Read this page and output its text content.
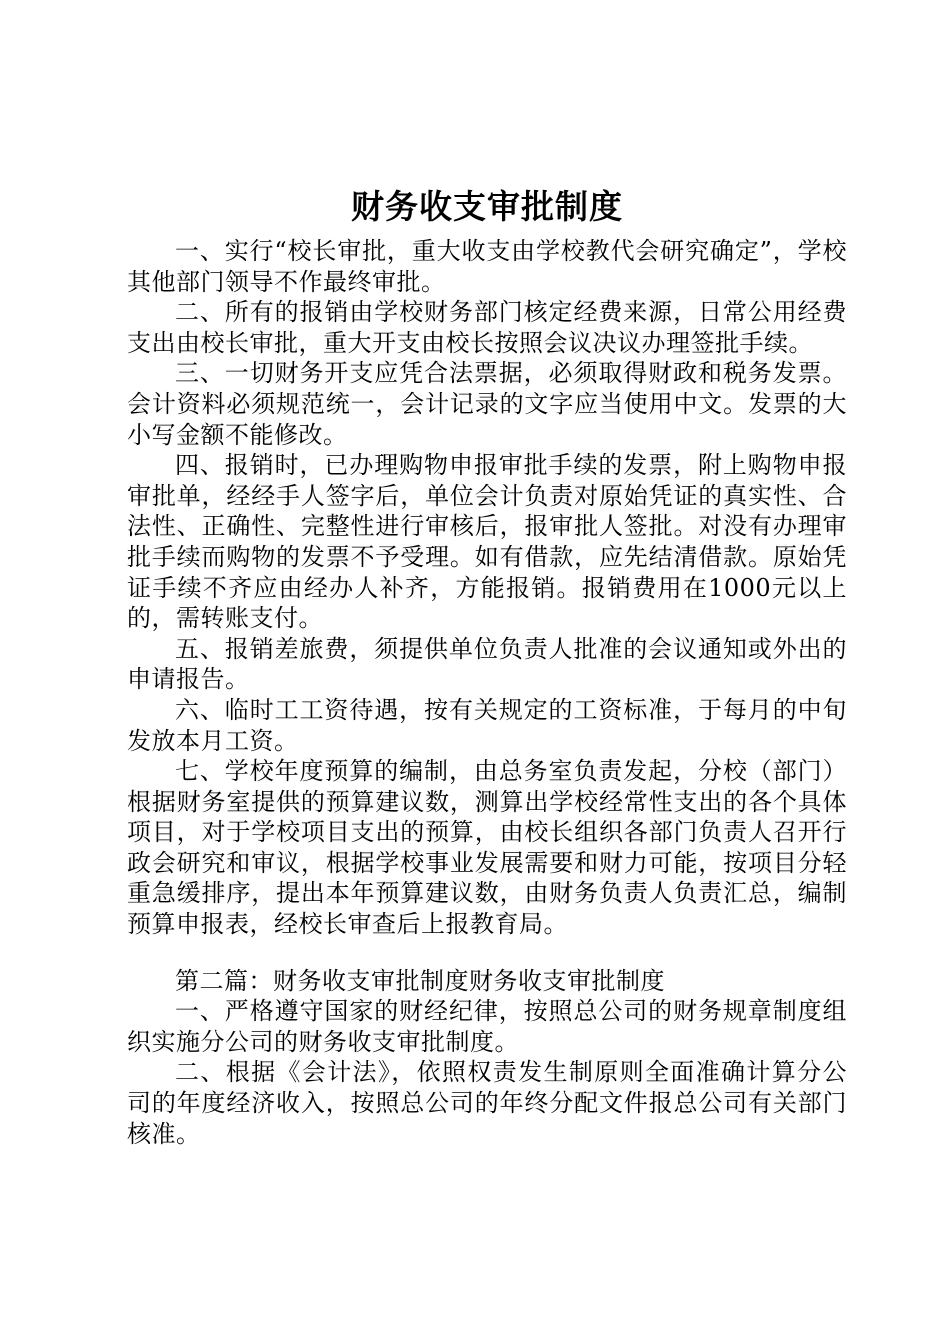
财务收支审批制度

一、实行“校长审批，重大收支由学校教代会研究确定”，学校其他部门领导不作最终审批。

二、所有的报销由学校财务部门核定经费来源，日常公用经费支出由校长审批，重大开支由校长按照会议决议办理签批手续。

三、一切财务开支应凭合法票据，必须取得财政和税务发票。会计资料必须规范统一，会计记录的文字应当使用中文。发票的大小写金额不能修改。

四、报销时，已办理购物申报审批手续的发票，附上购物申报审批单，经经手人签字后，单位会计负责对原始凭证的真实性、合法性、正确性、完整性进行审核后，报审批人签批。对没有办理审批手续而购物的发票不予受理。如有借款，应先结清借款。原始凭证手续不齐应由经办人补齐，方能报销。报销费用在1000元以上的，需转账支付。

五、报销差旅费，须提供单位负责人批准的会议通知或外出的申请报告。

六、临时工工资待遇，按有关规定的工资标准，于每月的中旬发放本月工资。

七、学校年度预算的编制，由总务室负责发起，分校（部门）根据财务室提供的预算建议数，测算出学校经常性支出的各个具体项目，对于学校项目支出的预算，由校长组织各部门负责人召开行政会研究和审议，根据学校事业发展需要和财力可能，按项目分轻重急缓排序，提出本年预算建议数，由财务负责人负责汇总，编制预算申报表，经校长审查后上报教育局。

第二篇：财务收支审批制度财务收支审批制度

一、严格遵守国家的财经纪律，按照总公司的财务规章制度组织实施分公司的财务收支审批制度。

二、根据《会计法》，依照权责发生制原则全面准确计算分公司的年度经济收入，按照总公司的年终分配文件报总公司有关部门核准。
